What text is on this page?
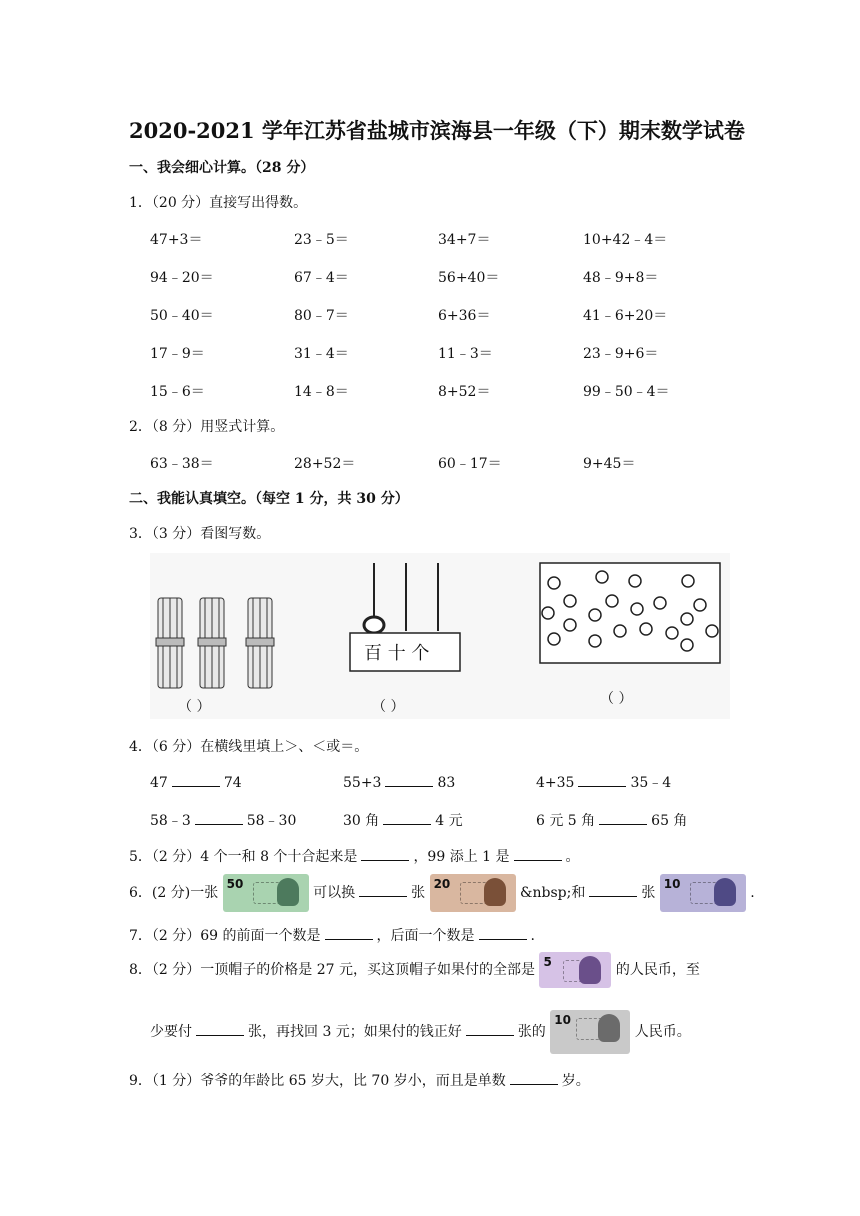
2020-2021 学年江苏省盐城市滨海县一年级（下）期末数学试卷
一、我会细心计算。（28 分）
1．（20 分）直接写出得数。
47+3＝	23﹣5＝	34+7＝	10+42﹣4＝
94﹣20＝	67﹣4＝	56+40＝	48﹣9+8＝
50﹣40＝	80﹣7＝	6+36＝	41﹣6+20＝
17﹣9＝	31﹣4＝	11﹣3＝	23﹣9+6＝
15﹣6＝	14﹣8＝	8+52＝	99﹣50﹣4＝
2．（8 分）用竖式计算。
63﹣38＝	28+52＝	60﹣17＝	9+45＝
二、我能认真填空。（每空 1 分，共 30 分）
3．（3 分）看图写数。
（ ）
百 十 个
（ ）	（ ）
4．（6 分）在横线里填上＞、＜或＝。
47	74	55+3	83	4+35	35﹣4
58﹣3	58﹣30	30 角	4 元	6 元 5 角	65 角
5．（2 分）4 个一和 8 个十合起来是	，99 添上 1 是	。
6．(2 分)一张
50
可以换	张
20
&nbsp;和	张
10
.
7．（2 分）69 的前面一个数是	，后面一个数是	.
8．（2 分）一顶帽子的价格是 27 元，买这顶帽子如果付的全部是 5	的人民币，至
少要付	张，再找回 3 元；如果付的钱正好	张的
10
人民币。
9．（1 分）爷爷的年龄比 65 岁大，比 70 岁小，而且是单数	岁。
